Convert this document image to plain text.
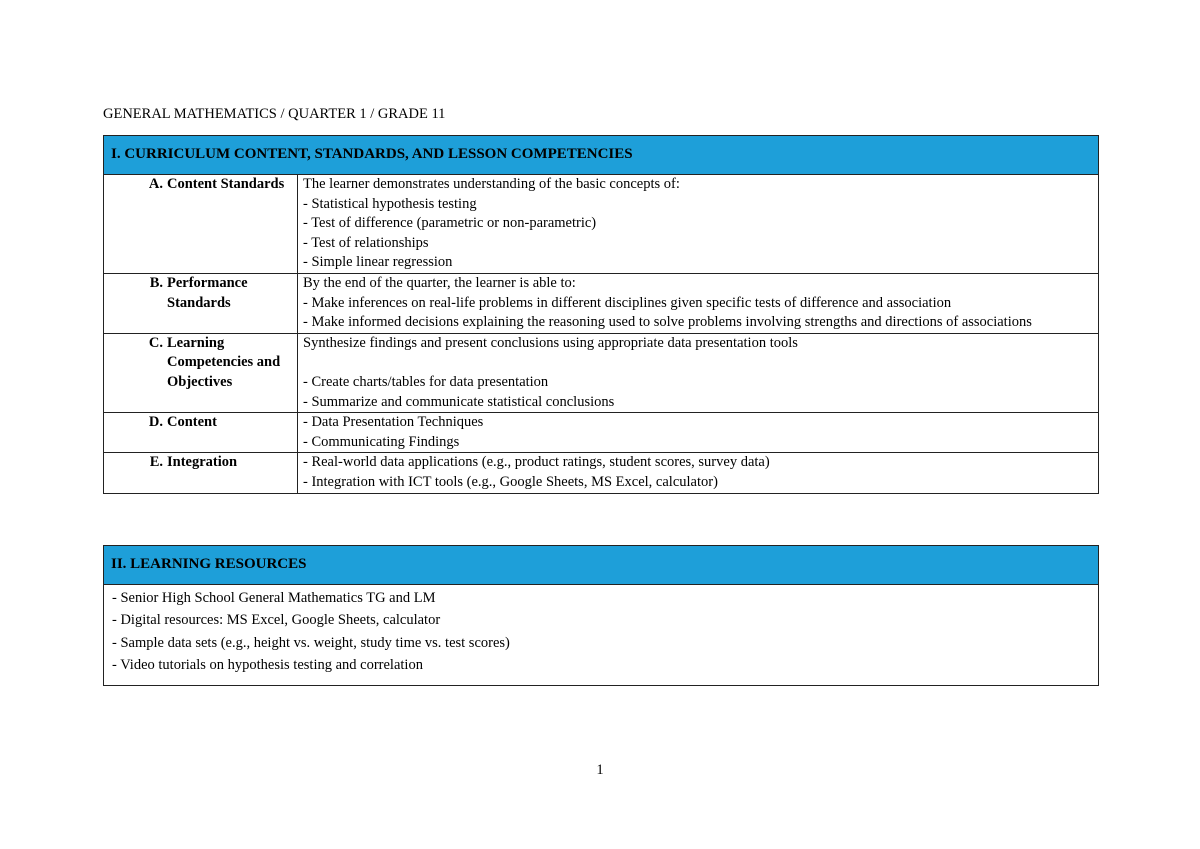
GENERAL MATHEMATICS / QUARTER 1 / GRADE 11
I. CURRICULUM CONTENT, STANDARDS, AND LESSON COMPETENCIES	

A. Content Standards	The learner demonstrates understanding of the basic concepts of:
- Statistical hypothesis testing
- Test of difference (parametric or non-parametric)
- Test of relationships
- Simple linear regression

B. Performance Standards	By the end of the quarter, the learner is able to:
- Make inferences on real-life problems in different disciplines given specific tests of difference and association
- Make informed decisions explaining the reasoning used to solve problems involving strengths and directions of associations

C. Learning Competencies and Objectives	Synthesize findings and present conclusions using appropriate data presentation tools
- Create charts/tables for data presentation
- Summarize and communicate statistical conclusions

D. Content	- Data Presentation Techniques
- Communicating Findings

E. Integration	- Real-world data applications (e.g., product ratings, student scores, survey data)
- Integration with ICT tools (e.g., Google Sheets, MS Excel, calculator)
II. LEARNING RESOURCES

- Senior High School General Mathematics TG and LM
- Digital resources: MS Excel, Google Sheets, calculator
- Sample data sets (e.g., height vs. weight, study time vs. test scores)
- Video tutorials on hypothesis testing and correlation
1
